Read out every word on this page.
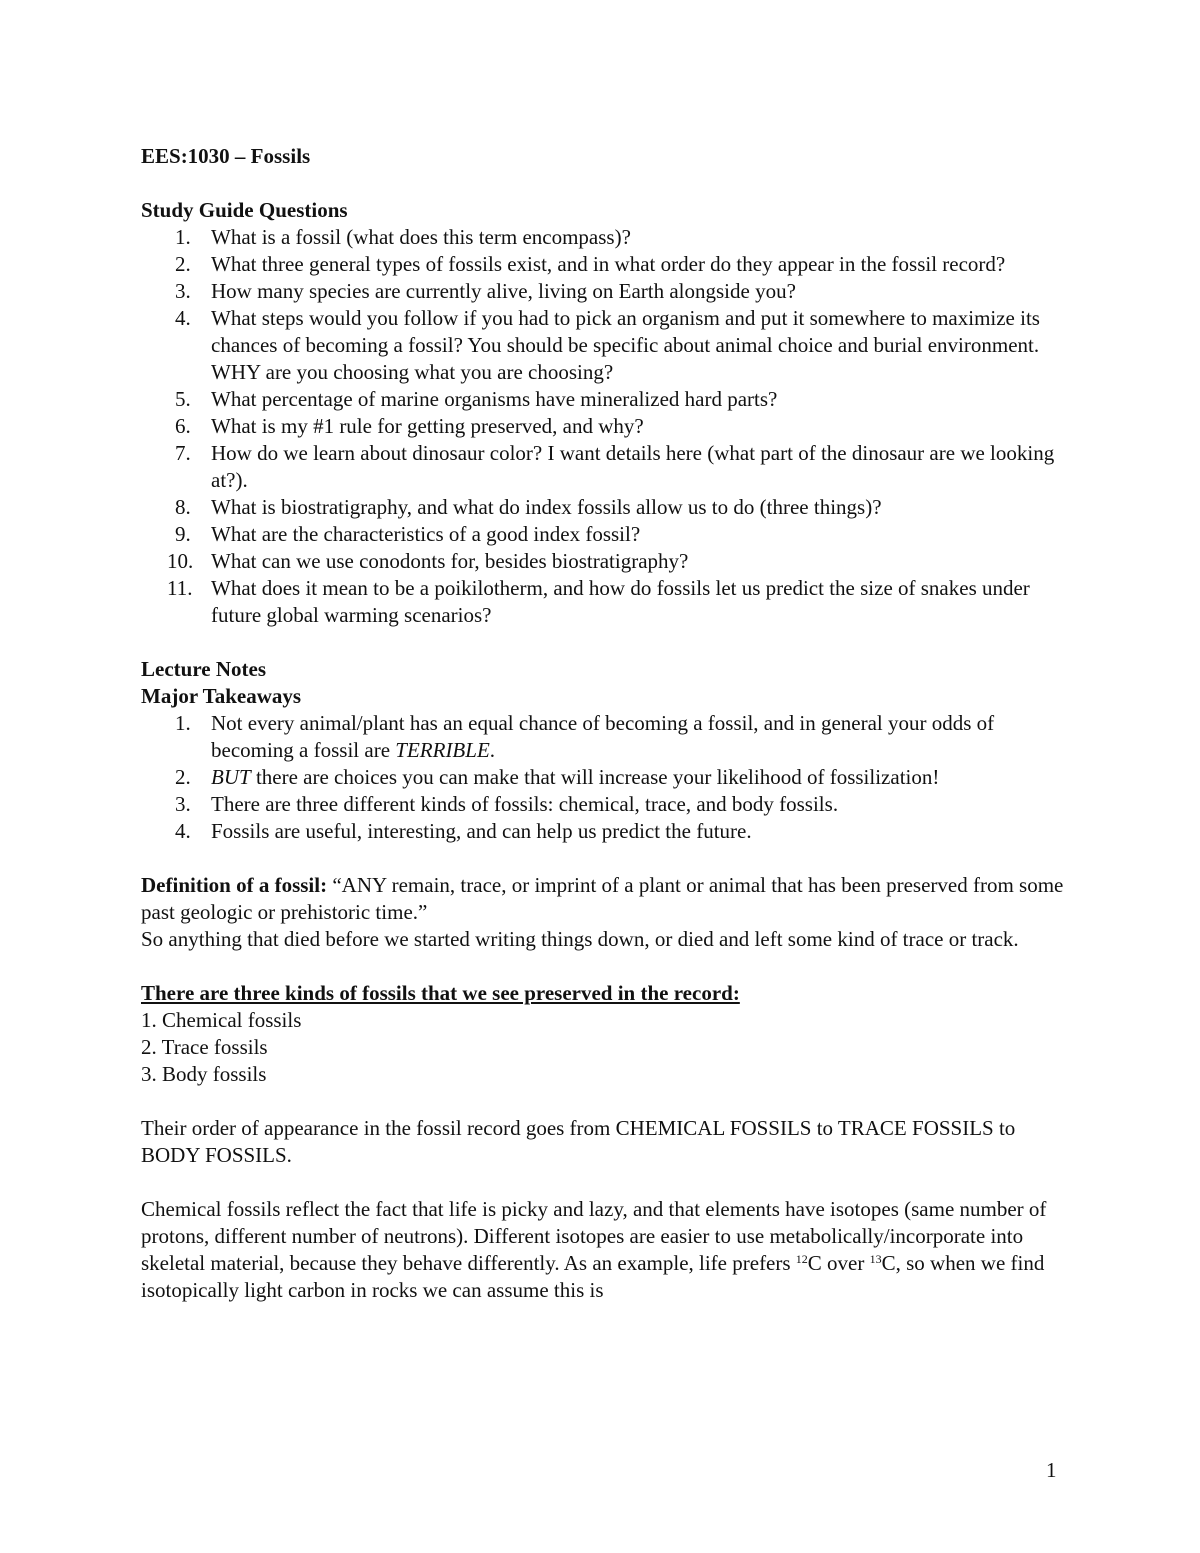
EES:1030 – Fossils

Study Guide Questions

1. What is a fossil (what does this term encompass)?
2. What three general types of fossils exist, and in what order do they appear in the fossil record?
3. How many species are currently alive, living on Earth alongside you?
4. What steps would you follow if you had to pick an organism and put it somewhere to maximize its chances of becoming a fossil? You should be specific about animal choice and burial environment. WHY are you choosing what you are choosing?
5. What percentage of marine organisms have mineralized hard parts?
6. What is my #1 rule for getting preserved, and why?
7. How do we learn about dinosaur color? I want details here (what part of the dinosaur are we looking at?).
8. What is biostratigraphy, and what do index fossils allow us to do (three things)?
9. What are the characteristics of a good index fossil?
10. What can we use conodonts for, besides biostratigraphy?
11. What does it mean to be a poikilotherm, and how do fossils let us predict the size of snakes under future global warming scenarios?

Lecture Notes

Major Takeaways

1. Not every animal/plant has an equal chance of becoming a fossil, and in general your odds of becoming a fossil are TERRIBLE.
2. BUT there are choices you can make that will increase your likelihood of fossilization!
3. There are three different kinds of fossils: chemical, trace, and body fossils.
4. Fossils are useful, interesting, and can help us predict the future.

Definition of a fossil: “ANY remain, trace, or imprint of a plant or animal that has been preserved from some past geologic or prehistoric time.”

So anything that died before we started writing things down, or died and left some kind of trace or track.

There are three kinds of fossils that we see preserved in the record:

1. Chemical fossils

2. Trace fossils

3. Body fossils

Their order of appearance in the fossil record goes from CHEMICAL FOSSILS to TRACE FOSSILS to BODY FOSSILS.

Chemical fossils reflect the fact that life is picky and lazy, and that elements have isotopes (same number of protons, different number of neutrons). Different isotopes are easier to use metabolically/incorporate into skeletal material, because they behave differently. As an example, life prefers $^{12}$C over $^{13}$C, so when we find isotopically light carbon in rocks we can assume this is

1
